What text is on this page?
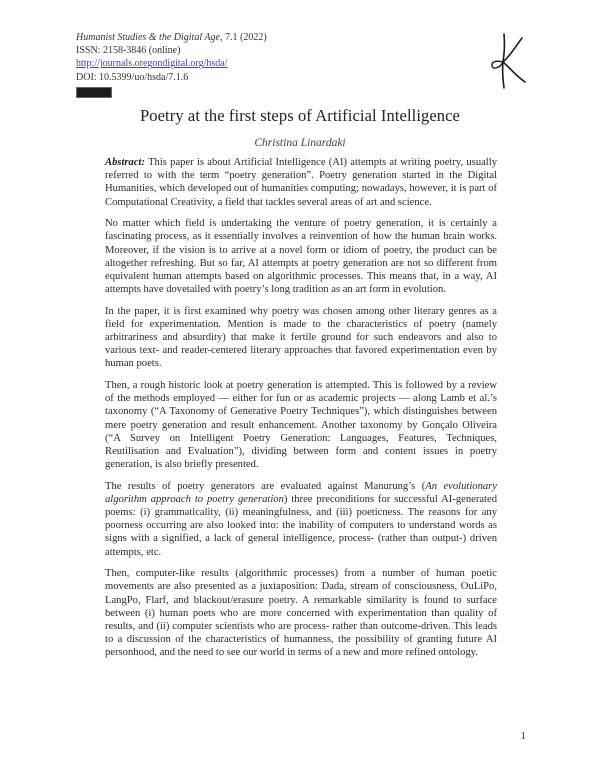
Humanist Studies & the Digital Age, 7.1 (2022)
ISSN: 2158-3846 (online)
http://journals.oregondigital.org/hsda/
DOI: 10.5399/uo/hsda/7.1.6
Poetry at the first steps of Artificial Intelligence
Christina Linardaki

Abstract: This paper is about Artificial Intelligence (AI) attempts at writing poetry, usually referred to with the term “poetry generation”. Poetry generation started in the Digital Humanities, which developed out of humanities computing; nowadays, however, it is part of Computational Creativity, a field that tackles several areas of art and science.

No matter which field is undertaking the venture of poetry generation, it is certainly a fascinating process, as it essentially involves a reinvention of how the human brain works. Moreover, if the vision is to arrive at a novel form or idiom of poetry, the product can be altogether refreshing. But so far, AI attempts at poetry generation are not so different from equivalent human attempts based on algorithmic processes. This means that, in a way, AI attempts have dovetailed with poetry’s long tradition as an art form in evolution.

In the paper, it is first examined why poetry was chosen among other literary genres as a field for experimentation. Mention is made to the characteristics of poetry (namely arbitrariness and absurdity) that make it fertile ground for such endeavors and also to various text- and reader-centered literary approaches that favored experimentation even by human poets.

Then, a rough historic look at poetry generation is attempted. This is followed by a review of the methods employed — either for fun or as academic projects — along Lamb et al.’s taxonomy (“A Taxonomy of Generative Poetry Techniques”), which distinguishes between mere poetry generation and result enhancement. Another taxonomy by Gonçalo Oliveira (“A Survey on Intelligent Poetry Generation: Languages, Features, Techniques, Reutilisation and Evaluation”), dividing between form and content issues in poetry generation, is also briefly presented.

The results of poetry generators are evaluated against Manurung’s (An evolutionary algorithm approach to poetry generation) three preconditions for successful AI-generated poems: (i) grammaticality, (ii) meaningfulness, and (iii) poeticness. The reasons for any poorness occurring are also looked into: the inability of computers to understand words as signs with a signified, a lack of general intelligence, process- (rather than output-) driven attempts, etc.

Then, computer-like results (algorithmic processes) from a number of human poetic movements are also presented as a juxtaposition: Dada, stream of consciousness, OuLiPo, LangPo, Flarf, and blackout/erasure poetry. A remarkable similarity is found to surface between (i) human poets who are more concerned with experimentation than quality of results, and (ii) computer scientists who are process- rather than outcome-driven. This leads to a discussion of the characteristics of humanness, the possibility of granting future AI personhood, and the need to see our world in terms of a new and more refined ontology.

1
